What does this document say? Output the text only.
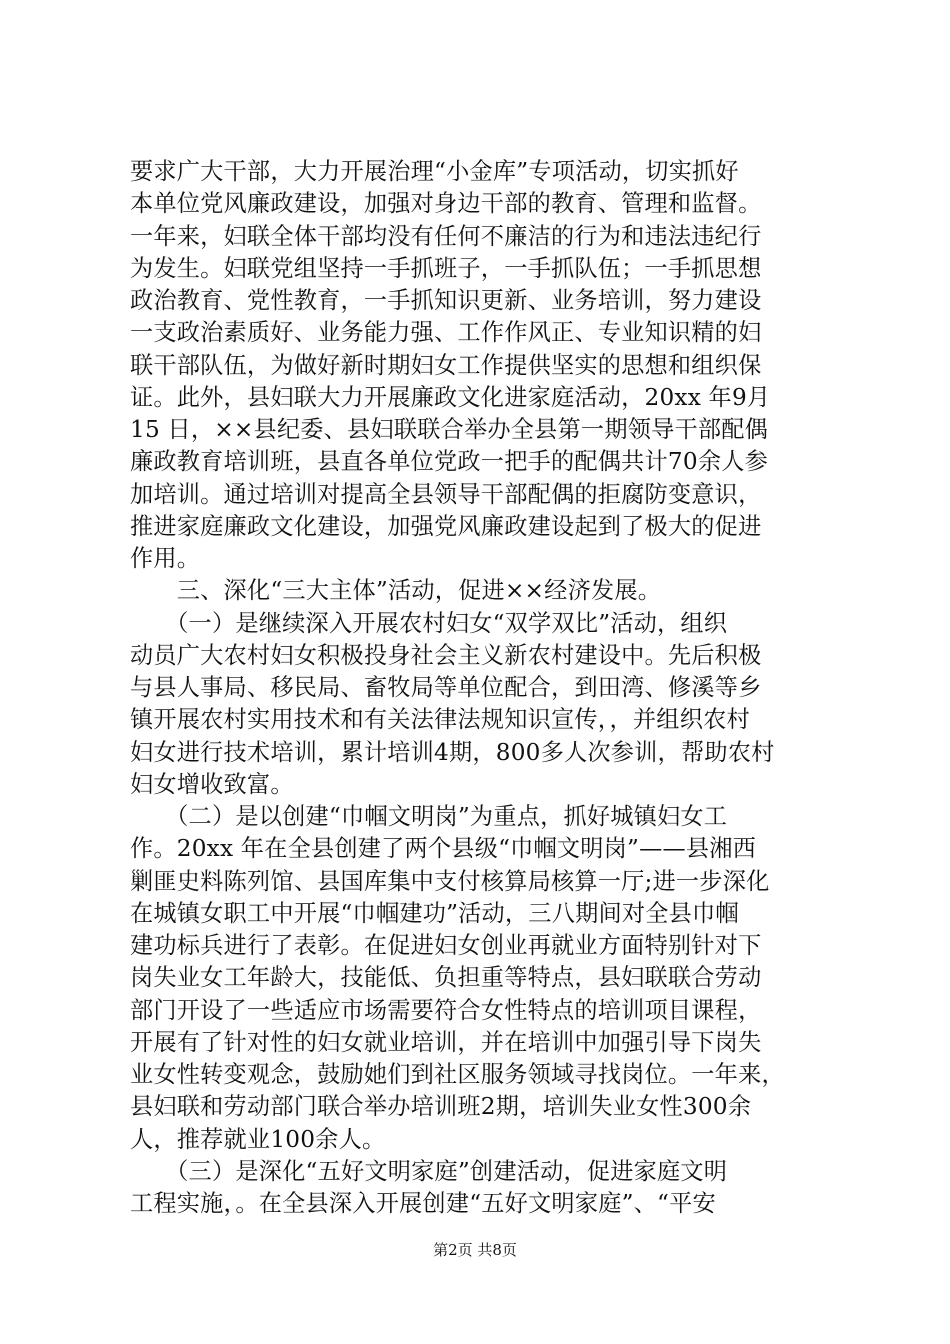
要求广大干部，大力开展治理“小金库”专项活动，切实抓好
本单位党风廉政建设，加强对身边干部的教育、管理和监督。
一年来，妇联全体干部均没有任何不廉洁的行为和违法违纪行
为发生。妇联党组坚持一手抓班子，一手抓队伍；一手抓思想
政治教育、党性教育，一手抓知识更新、业务培训，努力建设
一支政治素质好、业务能力强、工作作风正、专业知识精的妇
联干部队伍，为做好新时期妇女工作提供坚实的思想和组织保
证。此外，县妇联大力开展廉政文化进家庭活动，20xx 年9月
15 日，××县纪委、县妇联联合举办全县第一期领导干部配偶
廉政教育培训班，县直各单位党政一把手的配偶共计70余人参
加培训。通过培训对提高全县领导干部配偶的拒腐防变意识，
推进家庭廉政文化建设，加强党风廉政建设起到了极大的促进
作用。
　　三、深化“三大主体”活动，促进××经济发展。
　　（一）是继续深入开展农村妇女“双学双比”活动，组织
动员广大农村妇女积极投身社会主义新农村建设中。先后积极
与县人事局、移民局、畜牧局等单位配合，到田湾、修溪等乡
镇开展农村实用技术和有关法律法规知识宣传，，并组织农村
妇女进行技术培训，累计培训4期，800多人次参训，帮助农村
妇女增收致富。
　　（二）是以创建“巾帼文明岗”为重点，抓好城镇妇女工
作。20xx 年在全县创建了两个县级“巾帼文明岗”——县湘西
剿匪史料陈列馆、县国库集中支付核算局核算一厅;进一步深化
在城镇女职工中开展“巾帼建功”活动，三八期间对全县巾帼
建功标兵进行了表彰。在促进妇女创业再就业方面特别针对下
岗失业女工年龄大，技能低、负担重等特点，县妇联联合劳动
部门开设了一些适应市场需要符合女性特点的培训项目课程，
开展有了针对性的妇女就业培训，并在培训中加强引导下岗失
业女性转变观念，鼓励她们到社区服务领域寻找岗位。一年来，
县妇联和劳动部门联合举办培训班2期，培训失业女性300余
人，推荐就业100余人。
　　（三）是深化“五好文明家庭”创建活动，促进家庭文明
工程实施，。在全县深入开展创建“五好文明家庭”、“平安
第2页 共8页
